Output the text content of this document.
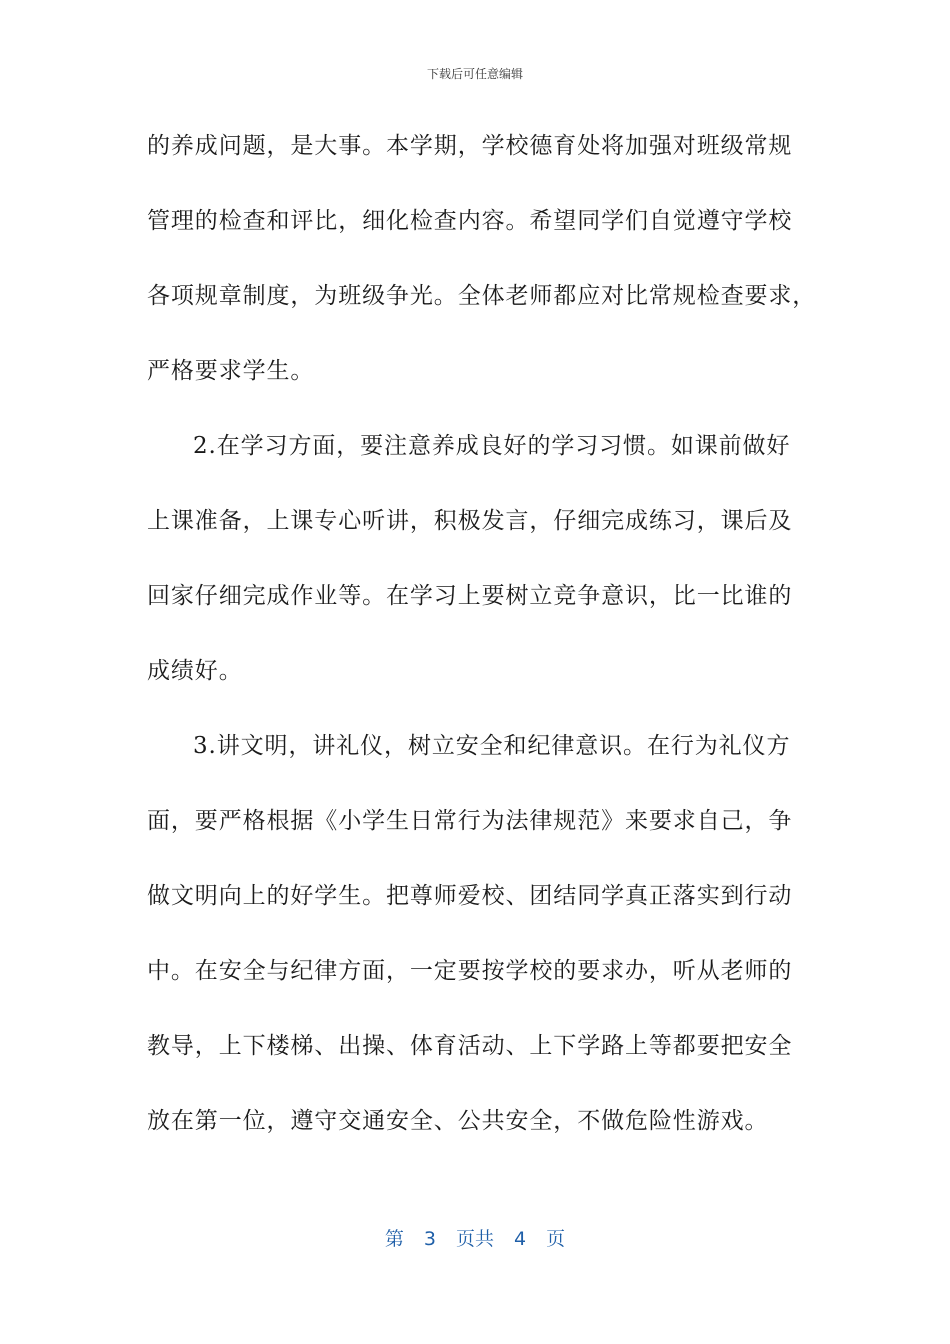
下载后可任意编辑
的养成问题，是大事。本学期，学校德育处将加强对班级常规
管理的检查和评比，细化检查内容。希望同学们自觉遵守学校
各项规章制度，为班级争光。全体老师都应对比常规检查要求，
严格要求学生。
2.在学习方面，要注意养成良好的学习习惯。如课前做好
上课准备，上课专心听讲，积极发言，仔细完成练习，课后及
回家仔细完成作业等。在学习上要树立竞争意识，比一比谁的
成绩好。
3.讲文明，讲礼仪，树立安全和纪律意识。在行为礼仪方
面，要严格根据《小学生日常行为法律规范》来要求自己，争
做文明向上的好学生。把尊师爱校、团结同学真正落实到行动
中。在安全与纪律方面，一定要按学校的要求办，听从老师的
教导，上下楼梯、出操、体育活动、上下学路上等都要把安全
放在第一位，遵守交通安全、公共安全，不做危险性游戏。
第 3 页共 4 页
